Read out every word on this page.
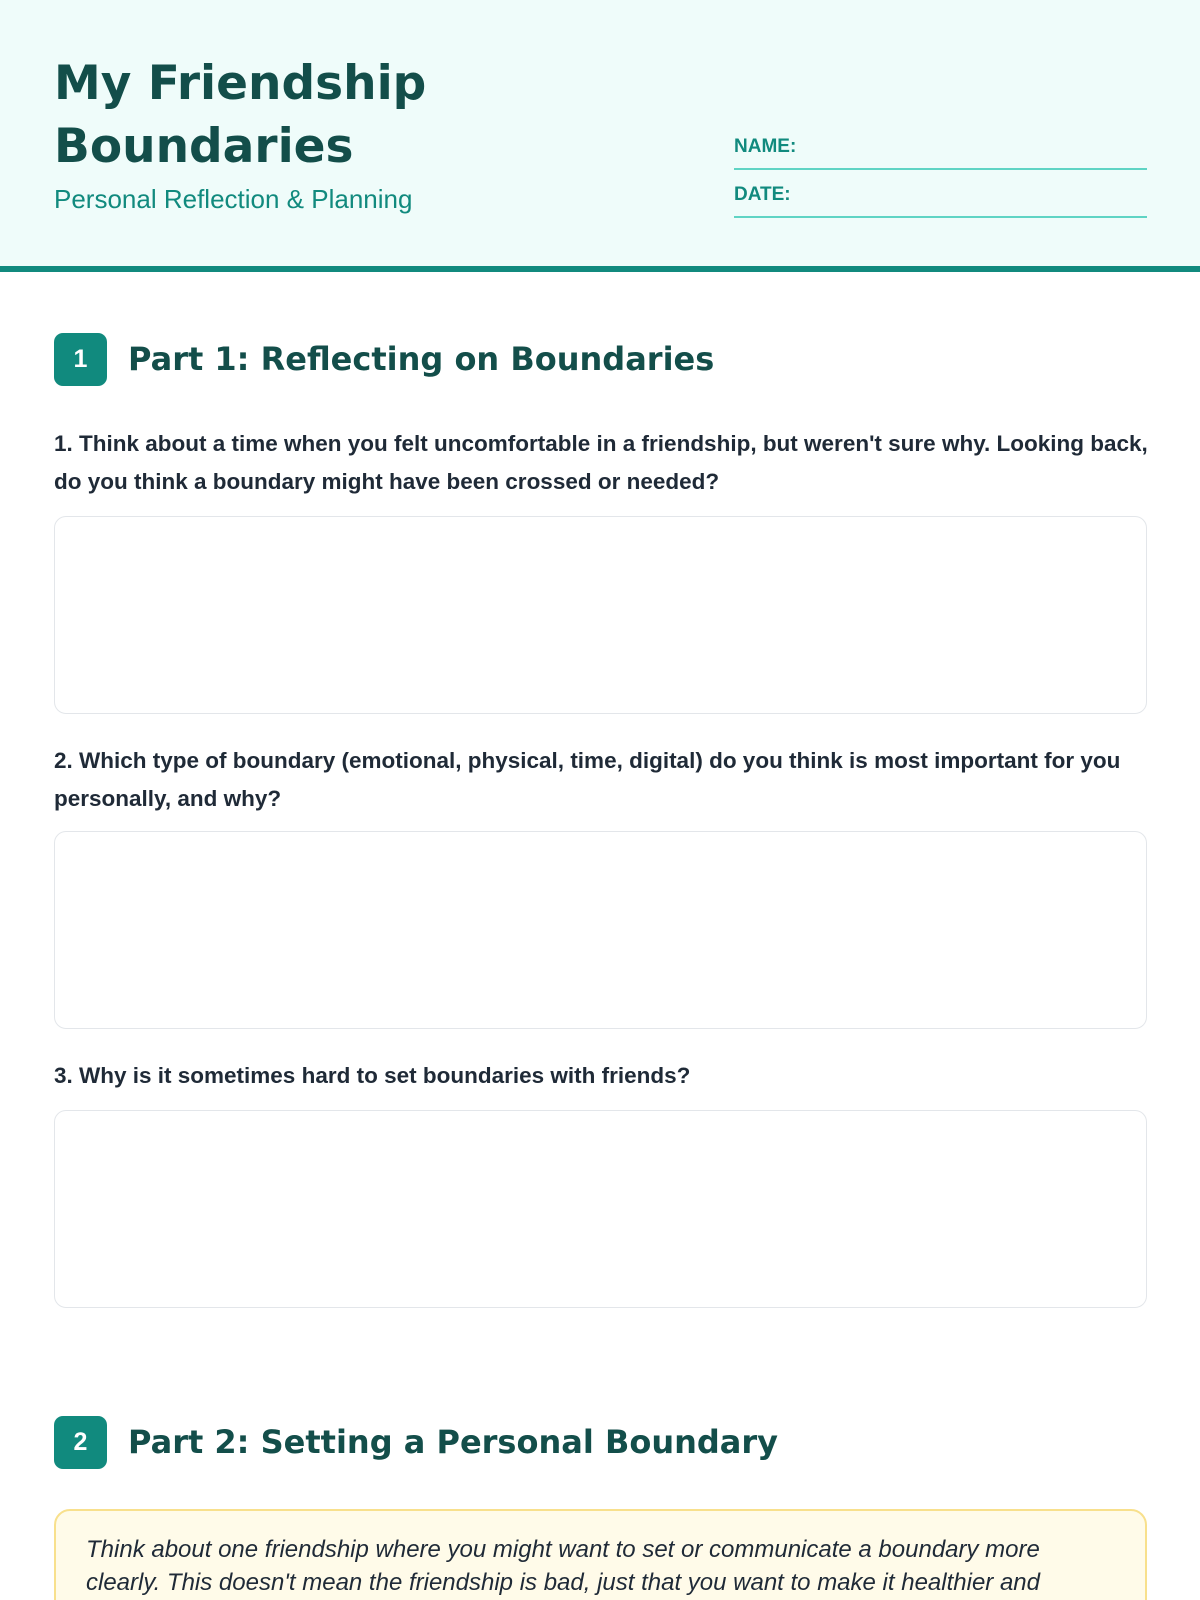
My Friendship Boundaries

Personal Reflection & Planning

NAME:
DATE:
1	Part 1: Reflecting on Boundaries

1. Think about a time when you felt uncomfortable in a friendship, but weren't sure why. Looking back, do you think a boundary might have been crossed or needed?

2. Which type of boundary (emotional, physical, time, digital) do you think is most important for you personally, and why?

3. Why is it sometimes hard to set boundaries with friends?

2	Part 2: Setting a Personal Boundary

Think about one friendship where you might want to set or communicate a boundary more clearly. This doesn't mean the friendship is bad, just that you want to make it healthier and
